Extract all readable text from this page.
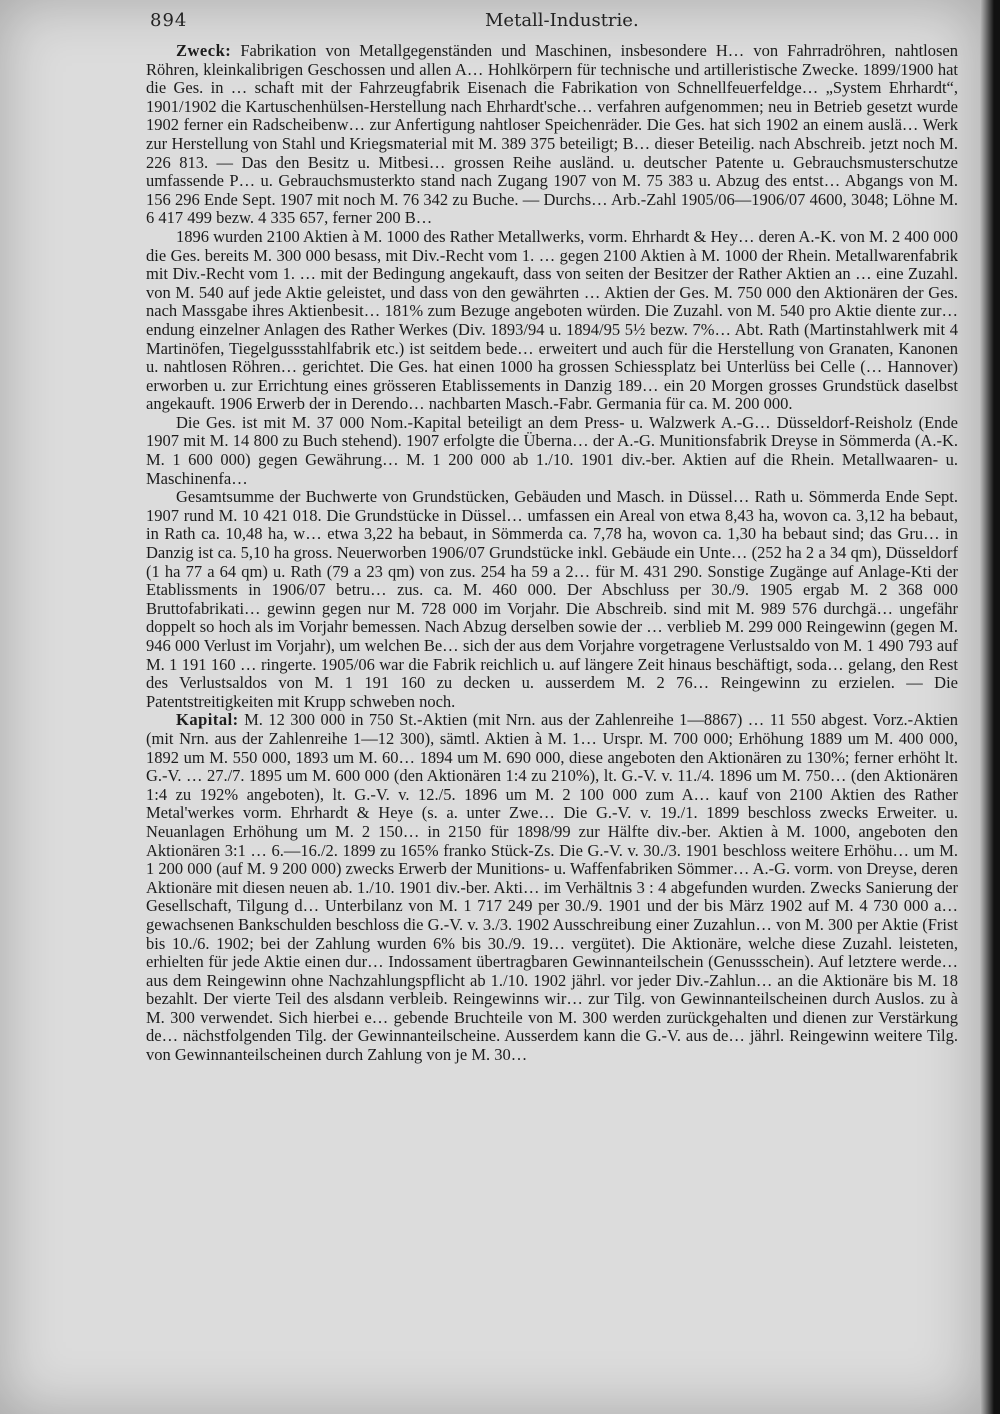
894	Metall-Industrie.

Zweck: Fabrikation von Metallgegenständen und Maschinen, insbesondere H… von Fahrradröhren, nahtlosen Röhren, kleinkalibrigen Geschossen und allen A… Hohlkörpern für technische und artilleristische Zwecke. 1899/1900 hat die Ges. in … schaft mit der Fahrzeugfabrik Eisenach die Fabrikation von Schnellfeuerfeldge… „System Ehrhardt“, 1901/1902 die Kartuschenhülsen-Herstellung nach Ehrhardt'sche… verfahren aufgenommen; neu in Betrieb gesetzt wurde 1902 ferner ein Radscheibenw… zur Anfertigung nahtloser Speichenräder. Die Ges. hat sich 1902 an einem auslä… Werk zur Herstellung von Stahl und Kriegsmaterial mit M. 389 375 beteiligt; B… dieser Beteilig. nach Abschreib. jetzt noch M. 226 813. — Das den Besitz u. Mitbesi… grossen Reihe ausländ. u. deutscher Patente u. Gebrauchsmusterschutze umfassende P… u. Gebrauchsmusterkto stand nach Zugang 1907 von M. 75 383 u. Abzug des entst… Abgangs von M. 156 296 Ende Sept. 1907 mit noch M. 76 342 zu Buche. — Durchs… Arb.-Zahl 1905/06—1906/07 4600, 3048; Löhne M. 6 417 499 bezw. 4 335 657, ferner 200 B…

1896 wurden 2100 Aktien à M. 1000 des Rather Metallwerks, vorm. Ehrhardt & Hey… deren A.-K. von M. 2 400 000 die Ges. bereits M. 300 000 besass, mit Div.-Recht vom 1. … gegen 2100 Aktien à M. 1000 der Rhein. Metallwarenfabrik mit Div.-Recht vom 1. … mit der Bedingung angekauft, dass von seiten der Besitzer der Rather Aktien an … eine Zuzahl. von M. 540 auf jede Aktie geleistet, und dass von den gewährten … Aktien der Ges. M. 750 000 den Aktionären der Ges. nach Massgabe ihres Aktienbesit… 181% zum Bezuge angeboten würden. Die Zuzahl. von M. 540 pro Aktie diente zur… endung einzelner Anlagen des Rather Werkes (Div. 1893/94 u. 1894/95 5½ bezw. 7%… Abt. Rath (Martinstahlwerk mit 4 Martinöfen, Tiegelgussstahlfabrik etc.) ist seitdem bede… erweitert und auch für die Herstellung von Granaten, Kanonen u. nahtlosen Röhren… gerichtet. Die Ges. hat einen 1000 ha grossen Schiessplatz bei Unterlüss bei Celle (… Hannover) erworben u. zur Errichtung eines grösseren Etablissements in Danzig 189… ein 20 Morgen grosses Grundstück daselbst angekauft. 1906 Erwerb der in Derendo… nachbarten Masch.-Fabr. Germania für ca. M. 200 000.

Die Ges. ist mit M. 37 000 Nom.-Kapital beteiligt an dem Press- u. Walzwerk A.-G… Düsseldorf-Reisholz (Ende 1907 mit M. 14 800 zu Buch stehend). 1907 erfolgte die Überna… der A.-G. Munitionsfabrik Dreyse in Sömmerda (A.-K. M. 1 600 000) gegen Gewährung… M. 1 200 000 ab 1./10. 1901 div.-ber. Aktien auf die Rhein. Metallwaaren- u. Maschinenfa…

Gesamtsumme der Buchwerte von Grundstücken, Gebäuden und Masch. in Düssel… Rath u. Sömmerda Ende Sept. 1907 rund M. 10 421 018. Die Grundstücke in Düssel… umfassen ein Areal von etwa 8,43 ha, wovon ca. 3,12 ha bebaut, in Rath ca. 10,48 ha, w… etwa 3,22 ha bebaut, in Sömmerda ca. 7,78 ha, wovon ca. 1,30 ha bebaut sind; das Gru… in Danzig ist ca. 5,10 ha gross. Neuerworben 1906/07 Grundstücke inkl. Gebäude ein Unte… (252 ha 2 a 34 qm), Düsseldorf (1 ha 77 a 64 qm) u. Rath (79 a 23 qm) von zus. 254 ha 59 a 2… für M. 431 290. Sonstige Zugänge auf Anlage-Kti der Etablissments in 1906/07 betru… zus. ca. M. 460 000. Der Abschluss per 30./9. 1905 ergab M. 2 368 000 Bruttofabrikati… gewinn gegen nur M. 728 000 im Vorjahr. Die Abschreib. sind mit M. 989 576 durchgä… ungefähr doppelt so hoch als im Vorjahr bemessen. Nach Abzug derselben sowie der … verblieb M. 299 000 Reingewinn (gegen M. 946 000 Verlust im Vorjahr), um welchen Be… sich der aus dem Vorjahre vorgetragene Verlustsaldo von M. 1 490 793 auf M. 1 191 160 … ringerte. 1905/06 war die Fabrik reichlich u. auf längere Zeit hinaus beschäftigt, soda… gelang, den Rest des Verlustsaldos von M. 1 191 160 zu decken u. ausserdem M. 2 76… Reingewinn zu erzielen. — Die Patentstreitigkeiten mit Krupp schweben noch.

Kapital: M. 12 300 000 in 750 St.-Aktien (mit Nrn. aus der Zahlenreihe 1—8867) … 11 550 abgest. Vorz.-Aktien (mit Nrn. aus der Zahlenreihe 1—12 300), sämtl. Aktien à M. 1… Urspr. M. 700 000; Erhöhung 1889 um M. 400 000, 1892 um M. 550 000, 1893 um M. 60… 1894 um M. 690 000, diese angeboten den Aktionären zu 130%; ferner erhöht lt. G.-V. … 27./7. 1895 um M. 600 000 (den Aktionären 1:4 zu 210%), lt. G.-V. v. 11./4. 1896 um M. 750… (den Aktionären 1:4 zu 192% angeboten), lt. G.-V. v. 12./5. 1896 um M. 2 100 000 zum A… kauf von 2100 Aktien des Rather Metal'werkes vorm. Ehrhardt & Heye (s. a. unter Zwe… Die G.-V. v. 19./1. 1899 beschloss zwecks Erweiter. u. Neuanlagen Erhöhung um M. 2 150… in 2150 für 1898/99 zur Hälfte div.-ber. Aktien à M. 1000, angeboten den Aktionären 3:1 … 6.—16./2. 1899 zu 165% franko Stück-Zs. Die G.-V. v. 30./3. 1901 beschloss weitere Erhöhu… um M. 1 200 000 (auf M. 9 200 000) zwecks Erwerb der Munitions- u. Waffenfabriken Sömmer… A.-G. vorm. von Dreyse, deren Aktionäre mit diesen neuen ab. 1./10. 1901 div.-ber. Akti… im Verhältnis 3 : 4 abgefunden wurden. Zwecks Sanierung der Gesellschaft, Tilgung d… Unterbilanz von M. 1 717 249 per 30./9. 1901 und der bis März 1902 auf M. 4 730 000 a… gewachsenen Bankschulden beschloss die G.-V. v. 3./3. 1902 Ausschreibung einer Zuzahlun… von M. 300 per Aktie (Frist bis 10./6. 1902; bei der Zahlung wurden 6% bis 30./9. 19… vergütet). Die Aktionäre, welche diese Zuzahl. leisteten, erhielten für jede Aktie einen dur… Indossament übertragbaren Gewinnanteilschein (Genussschein). Auf letztere werde… aus dem Reingewinn ohne Nachzahlungspflicht ab 1./10. 1902 jährl. vor jeder Div.-Zahlun… an die Aktionäre bis M. 18 bezahlt. Der vierte Teil des alsdann verbleib. Reingewinns wir… zur Tilg. von Gewinnanteilscheinen durch Auslos. zu à M. 300 verwendet. Sich hierbei e… gebende Bruchteile von M. 300 werden zurückgehalten und dienen zur Verstärkung de… nächstfolgenden Tilg. der Gewinnanteilscheine. Ausserdem kann die G.-V. aus de… jährl. Reingewinn weitere Tilg. von Gewinnanteilscheinen durch Zahlung von je M. 30…
